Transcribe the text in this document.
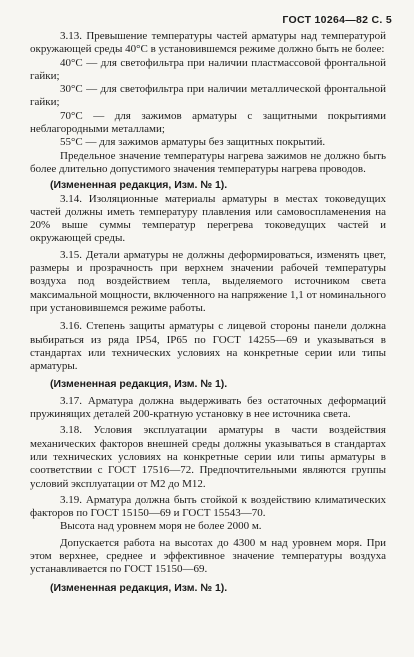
ГОСТ 10264—82 С. 5

3.13. Превышение температуры частей арматуры над температурой окружающей среды 40°С в установившемся режиме должно быть не более:

40°С — для светофильтра при наличии пластмассовой фронтальной гайки;

30°С — для светофильтра при наличии металлической фронтальной гайки;

70°С — для зажимов арматуры с защитными покрытиями неблагородными металлами;

55°С — для зажимов арматуры без защитных покрытий.

Предельное значение температуры нагрева зажимов не должно быть более длительно допустимого значения температуры нагрева проводов.

(Измененная редакция, Изм. № 1).

3.14. Изоляционные материалы арматуры в местах токоведущих частей должны иметь температуру плавления или самовоспламенения на 20% выше суммы температур перегрева токоведущих частей и окружающей среды.

3.15. Детали арматуры не должны деформироваться, изменять цвет, размеры и прозрачность при верхнем значении рабочей температуры воздуха под воздействием тепла, выделяемого источником света максимальной мощности, включенного на напряжение 1,1 от номинального при установившемся режиме работы.

3.16. Степень защиты арматуры с лицевой стороны панели должна выбираться из ряда IP54, IP65 по ГОСТ 14255—69 и указываться в стандартах или технических условиях на конкретные серии или типы арматуры.

(Измененная редакция, Изм. № 1).

3.17. Арматура должна выдерживать без остаточных деформаций пружинящих деталей 200-кратную установку в нее источника света.

3.18. Условия эксплуатации арматуры в части воздействия механических факторов внешней среды должны указываться в стандартах или технических условиях на конкретные серии или типы арматуры в соответствии с ГОСТ 17516—72. Предпочтительными являются группы условий эксплуатации от М2 до М12.

3.19. Арматура должна быть стойкой к воздействию климатических факторов по ГОСТ 15150—69 и ГОСТ 15543—70.

Высота над уровнем моря не более 2000 м.

Допускается работа на высотах до 4300 м над уровнем моря. При этом верхнее, среднее и эффективное значение температуры воздуха устанавливается по ГОСТ 15150—69.

(Измененная редакция, Изм. № 1).
